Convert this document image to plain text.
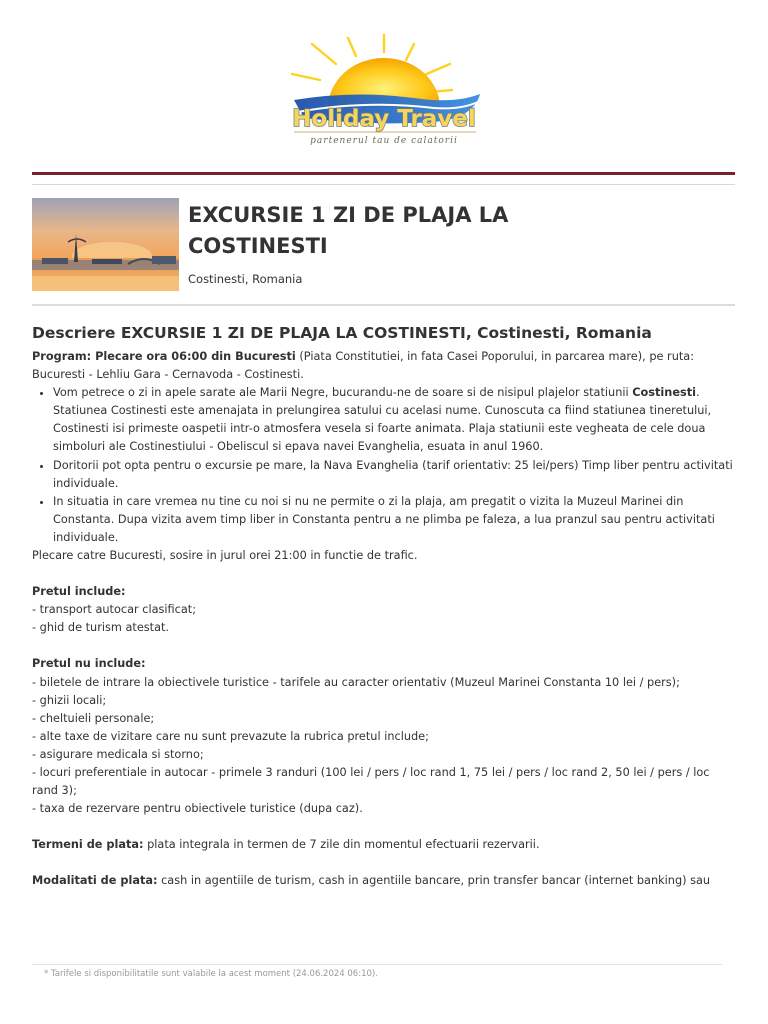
Holiday Travel
partenerul tau de calatorii
EXCURSIE 1 ZI DE PLAJA LA COSTINESTI
Costinesti, Romania
Descriere EXCURSIE 1 ZI DE PLAJA LA COSTINESTI, Costinesti, Romania

Program: Plecare ora 06:00 din Bucuresti (Piata Constitutiei, in fata Casei Poporului, in parcarea mare), pe ruta: Bucuresti - Lehliu Gara - Cernavoda - Costinesti.

• Vom petrece o zi in apele sarate ale Marii Negre, bucurandu-ne de soare si de nisipul plajelor statiunii Costinesti. Statiunea Costinesti este amenajata in prelungirea satului cu acelasi nume. Cunoscuta ca fiind statiunea tineretului, Costinesti isi primeste oaspetii intr-o atmosfera vesela si foarte animata. Plaja statiunii este vegheata de cele doua simboluri ale Costinestiului - Obeliscul si epava navei Evanghelia, esuata in anul 1960.
• Doritorii pot opta pentru o excursie pe mare, la Nava Evanghelia (tarif orientativ: 25 lei/pers) Timp liber pentru activitati individuale.
• In situatia in care vremea nu tine cu noi si nu ne permite o zi la plaja, am pregatit o vizita la Muzeul Marinei din Constanta. Dupa vizita avem timp liber in Constanta pentru a ne plimba pe faleza, a lua pranzul sau pentru activitati individuale.

Plecare catre Bucuresti, sosire in jurul orei 21:00 in functie de trafic.

Pretul include:

- transport autocar clasificat;

- ghid de turism atestat.

Pretul nu include:

- biletele de intrare la obiectivele turistice - tarifele au caracter orientativ (Muzeul Marinei Constanta 10 lei / pers);

- ghizii locali;

- cheltuieli personale;

- alte taxe de vizitare care nu sunt prevazute la rubrica pretul include;

- asigurare medicala si storno;

- locuri preferentiale in autocar - primele 3 randuri (100 lei / pers / loc rand 1, 75 lei / pers / loc rand 2, 50 lei / pers / loc rand 3);

- taxa de rezervare pentru obiectivele turistice (dupa caz).

Termeni de plata: plata integrala in termen de 7 zile din momentul efectuarii rezervarii.

Modalitati de plata: cash in agentiile de turism, cash in agentiile bancare, prin transfer bancar (internet banking) sau

* Tarifele si disponibilitatile sunt valabile la acest moment (24.06.2024 06:10).
